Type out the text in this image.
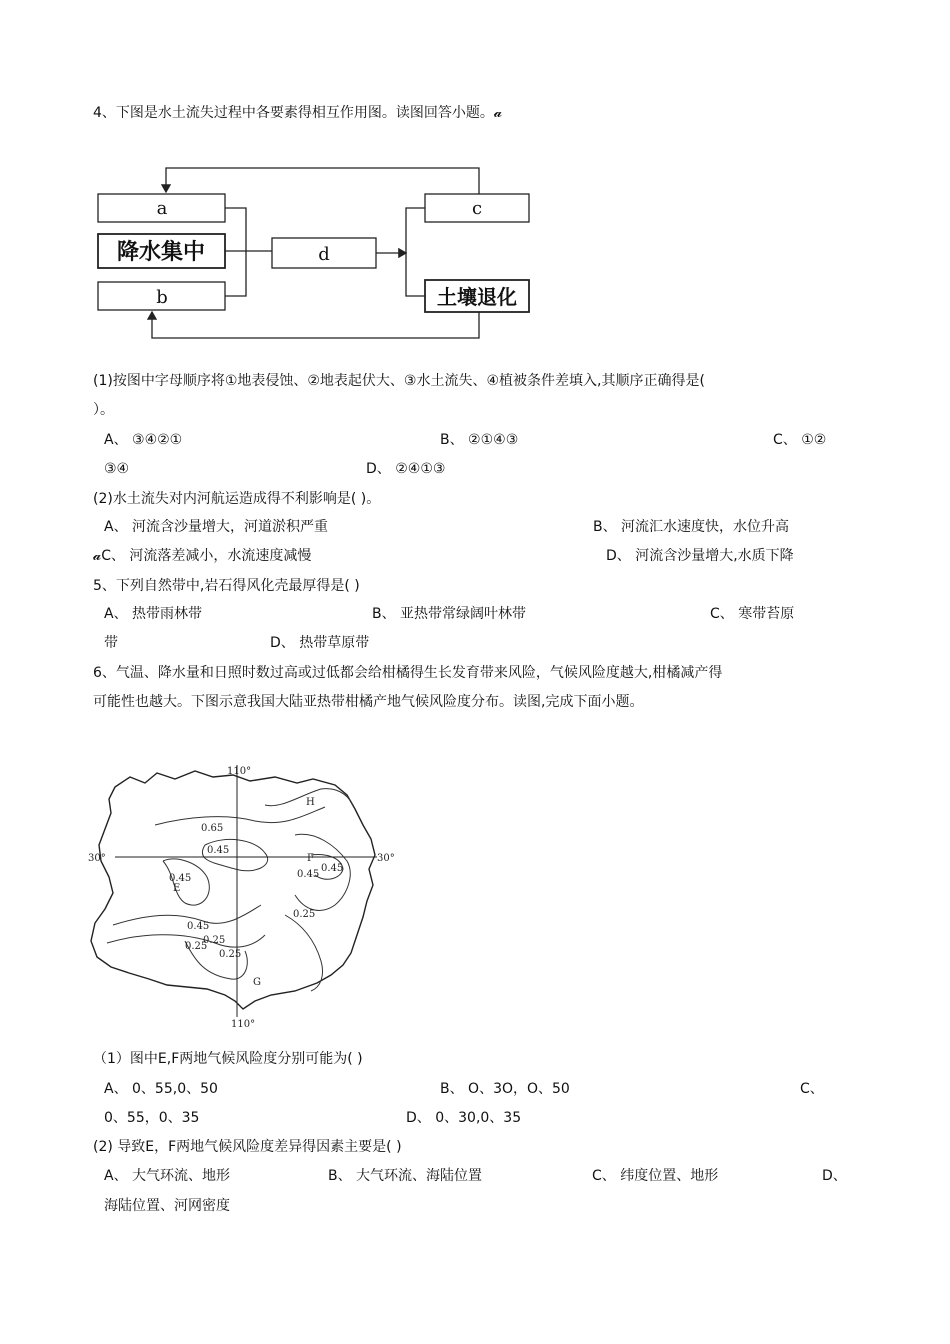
4、下图是水土流失过程中各要素得相互作用图。读图回答小题。𝓪
a
降水集中
b
d
c
土壤退化
(1)按图中字母顺序将①地表侵蚀、②地表起伏大、③水土流失、④植被条件差填入,其顺序正确得是(
）。
A、 ③④②①	B、 ②①④③	C、 ①②
③④	D、 ②④①③
(2)水土流失对内河航运造成得不利影响是( )。
A、 河流含沙量增大，河道淤积严重	B、 河流汇水速度快，水位升高
𝓪C、 河流落差减小，水流速度减慢	D、 河流含沙量增大,水质下降
5、下列自然带中,岩石得风化壳最厚得是( )
A、 热带雨林带	B、 亚热带常绿阔叶林带	C、 寒带苔原
带	D、 热带草原带
6、气温、降水量和日照时数过高或过低都会给柑橘得生长发育带来风险，气候风险度越大,柑橘减产得
可能性也越大。下图示意我国大陆亚热带柑橘产地气候风险度分布。读图,完成下面小题。
110°
110°
30°	30°
H
F
E
G
0.65
0.45
0.45
0.45
0.45
0.45
0.25
0.25
0.25
0.25
（1）图中E,F两地气候风险度分别可能为( )
A、 0、55,0、50	B、 O、3O，O、50	C、
0、55，0、35	D、 0、30,0、35
(2) 导致E，F两地气候风险度差异得因素主要是( )
A、 大气环流、地形	B、 大气环流、海陆位置	C、 纬度位置、地形	D、
海陆位置、河网密度
